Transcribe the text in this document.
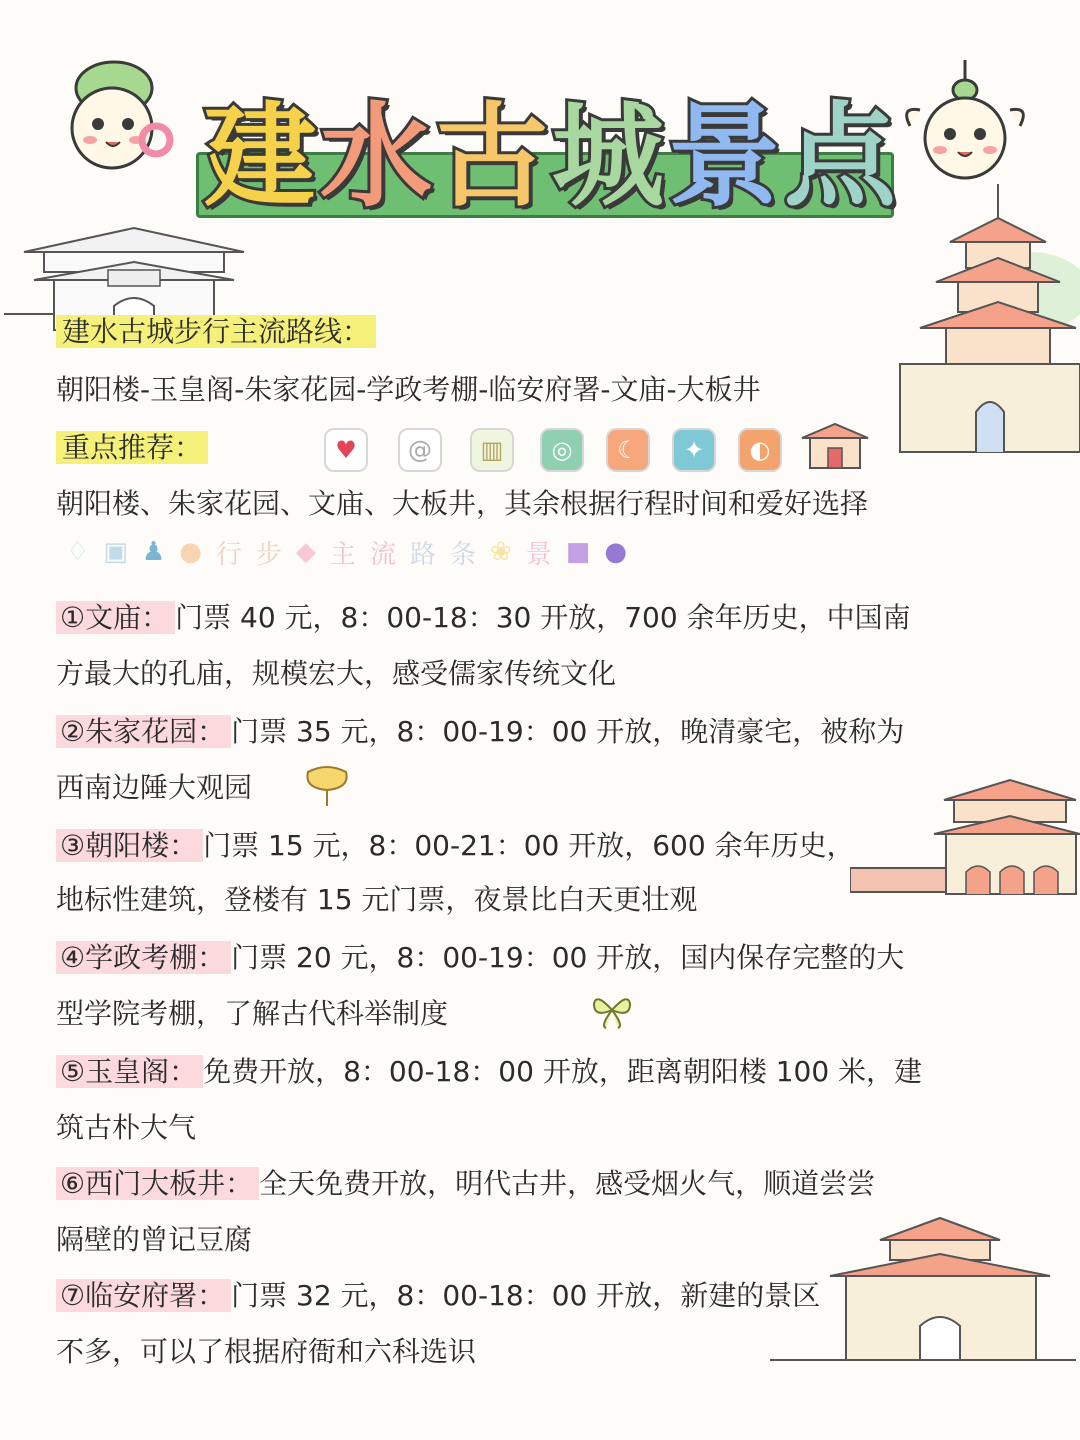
建 水 古 城 景 点
建水古城步行主流路线：
朝阳楼-玉皇阁-朱家花园-学政考棚-临安府署-文庙-大板井
重点推荐：	♥	@	▥	◎	☾	✦	◐
朝阳楼、朱家花园、文庙、大板井，其余根据行程时间和爱好选择
♢ ▣ ♟ ● 行 步 ◆ 主 流 路 条 ❀ 景 ■ ●
①文庙： 门票 40 元，8：00-18：30 开放，700 余年历史，中国南
方最大的孔庙，规模宏大，感受儒家传统文化
②朱家花园： 门票 35 元，8：00-19：00 开放，晚清豪宅，被称为
西南边陲大观园
③朝阳楼： 门票 15 元，8：00-21：00 开放，600 余年历史，
地标性建筑，登楼有 15 元门票，夜景比白天更壮观
④学政考棚： 门票 20 元，8：00-19：00 开放，国内保存完整的大
型学院考棚，了解古代科举制度
⑤玉皇阁： 免费开放，8：00-18：00 开放，距离朝阳楼 100 米，建
筑古朴大气
⑥西门大板井： 全天免费开放，明代古井，感受烟火气，顺道尝尝
隔壁的曾记豆腐
⑦临安府署： 门票 32 元，8：00-18：00 开放，新建的景区
不多，可以了根据府衙和六科选识
